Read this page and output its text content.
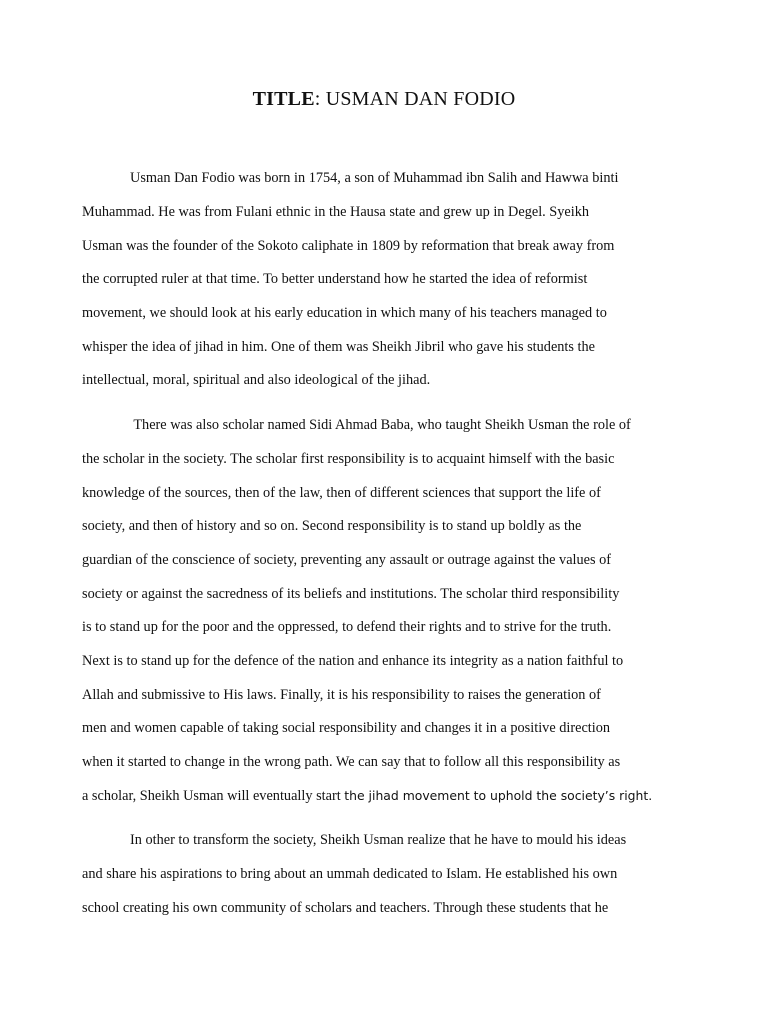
TITLE: USMAN DAN FODIO
Usman Dan Fodio was born in 1754, a son of Muhammad ibn Salih and Hawwa binti
Muhammad. He was from Fulani ethnic in the Hausa state and grew up in Degel. Syeikh
Usman was the founder of the Sokoto caliphate in 1809 by reformation that break away from
the corrupted ruler at that time. To better understand how he started the idea of reformist
movement, we should look at his early education in which many of his teachers managed to
whisper the idea of jihad in him. One of them was Sheikh Jibril who gave his students the
intellectual, moral, spiritual and also ideological of the jihad.
There was also scholar named Sidi Ahmad Baba, who taught Sheikh Usman the role of
the scholar in the society. The scholar first responsibility is to acquaint himself with the basic
knowledge of the sources, then of the law, then of different sciences that support the life of
society, and then of history and so on. Second responsibility is to stand up boldly as the
guardian of the conscience of society, preventing any assault or outrage against the values of
society or against the sacredness of its beliefs and institutions. The scholar third responsibility
is to stand up for the poor and the oppressed, to defend their rights and to strive for the truth.
Next is to stand up for the defence of the nation and enhance its integrity as a nation faithful to
Allah and submissive to His laws. Finally, it is his responsibility to raises the generation of
men and women capable of taking social responsibility and changes it in a positive direction
when it started to change in the wrong path. We can say that to follow all this responsibility as
a scholar, Sheikh Usman will eventually start the jihad movement to uphold the society’s right.
In other to transform the society, Sheikh Usman realize that he have to mould his ideas
and share his aspirations to bring about an ummah dedicated to Islam. He established his own
school creating his own community of scholars and teachers. Through these students that he
